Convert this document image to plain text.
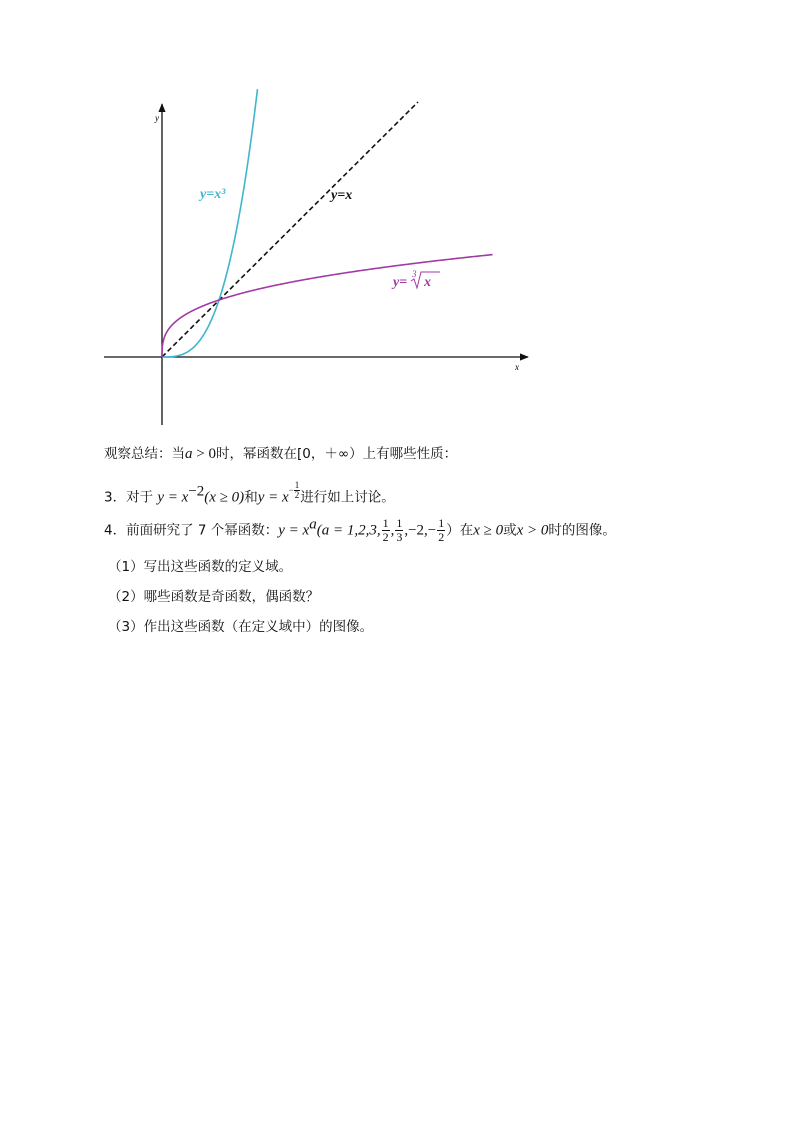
x
y
y=x³	y=x
y=
3
x
观察总结：当a > 0时，幂函数在[0，＋∞）上有哪些性质：
3．对于 $y = x^{-2}(x \ge 0)$和$y = x- \frac{1}{2}$ 进行如上讨论。
4．前面研究了 7 个幂函数：$y = x^a(a = 1,2,3$, $\frac{1}{2}$ , $\frac{1}{3} ,-2,- \frac{1}{2}$ ）在x ≥ 0或x > 0时的图像。
（1）写出这些函数的定义域。
（2）哪些函数是奇函数，偶函数？
（3）作出这些函数（在定义域中）的图像。
